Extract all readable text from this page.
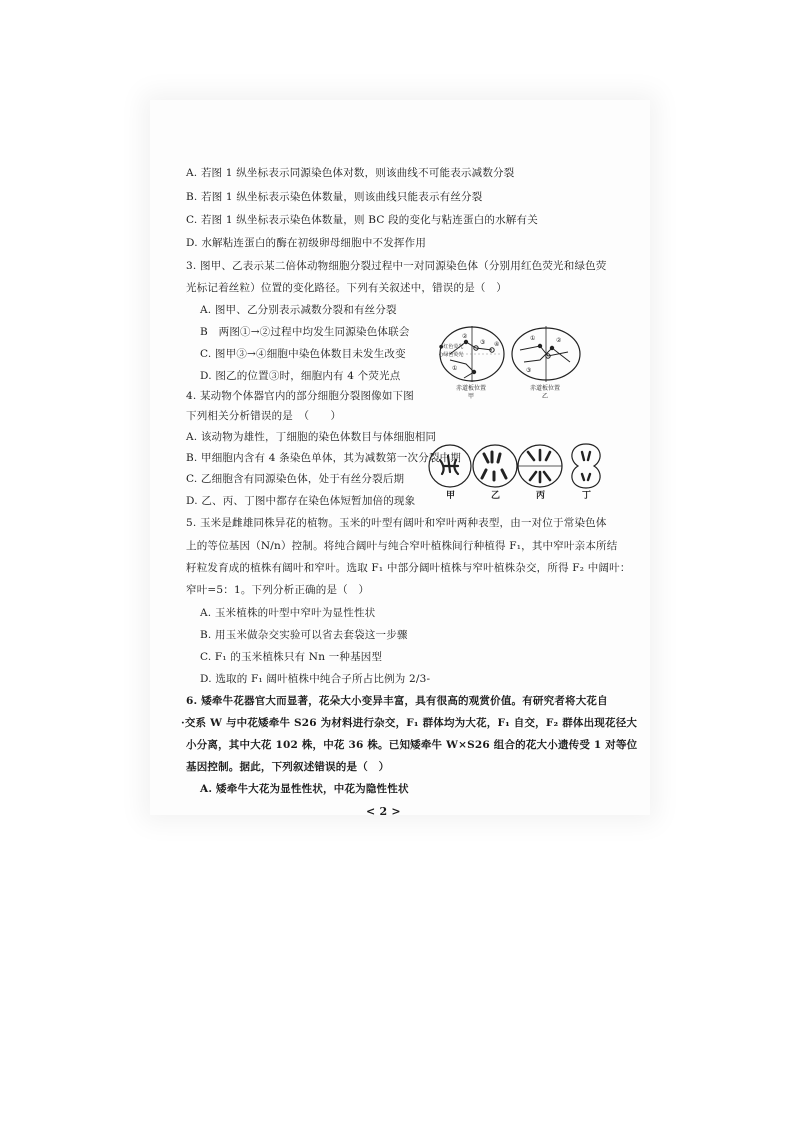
A. 若图 1 纵坐标表示同源染色体对数，则该曲线不可能表示减数分裂

B. 若图 1 纵坐标表示染色体数量，则该曲线只能表示有丝分裂

C. 若图 1 纵坐标表示染色体数量，则 BC 段的变化与粘连蛋白的水解有关

D. 水解粘连蛋白的酶在初级卵母细胞中不发挥作用

3. 图甲、乙表示某二倍体动物细胞分裂过程中一对同源染色体（分别用红色荧光和绿色荧

光标记着丝粒）位置的变化路径。下列有关叙述中，错误的是（　）

A. 图甲、乙分别表示减数分裂和有丝分裂

B　两图①→②过程中均发生同源染色体联会

C. 图甲③→④细胞中染色体数目未发生改变

D. 图乙的位置③时，细胞内有 4 个荧光点

●红色荧光
○绿色荧光
①
②
③ ④
赤道板位置
甲
①	②
③
赤道板位置
乙

4. 某动物个体器官内的部分细胞分裂图像如下图

下列相关分析错误的是　（　　）

A. 该动物为雄性，丁细胞的染色体数目与体细胞相同

B. 甲细胞内含有 4 条染色单体，其为减数第一次分裂中期

C. 乙细胞含有同源染色体，处于有丝分裂后期

D. 乙、丙、丁图中都存在染色体短暂加倍的现象	甲	乙	丙	丁

5. 玉米是雌雄同株异花的植物。玉米的叶型有阔叶和窄叶两种表型，由一对位于常染色体

上的等位基因（N/n）控制。将纯合阔叶与纯合窄叶植株间行种植得 F₁，其中窄叶亲本所结

籽粒发育成的植株有阔叶和窄叶。选取 F₁ 中部分阔叶植株与窄叶植株杂交，所得 F₂ 中阔叶：

窄叶=5：1。下列分析正确的是（　）

A. 玉米植株的叶型中窄叶为显性性状

B. 用玉米做杂交实验可以省去套袋这一步骤

C. F₁ 的玉米植株只有 Nn 一种基因型

D. 选取的 F₁ 阔叶植株中纯合子所占比例为 2/3-

6. 矮牵牛花器官大而显著，花朵大小变异丰富，具有很高的观赏价值。有研究者将大花自

·交系 W 与中花矮牵牛 S26 为材料进行杂交，F₁ 群体均为大花，F₁ 自交，F₂ 群体出现花径大

小分离，其中大花 102 株，中花 36 株。已知矮牵牛 W×S26 组合的花大小遗传受 1 对等位

基因控制。据此，下列叙述错误的是（　）

A. 矮牵牛大花为显性性状，中花为隐性性状

< 2 >
